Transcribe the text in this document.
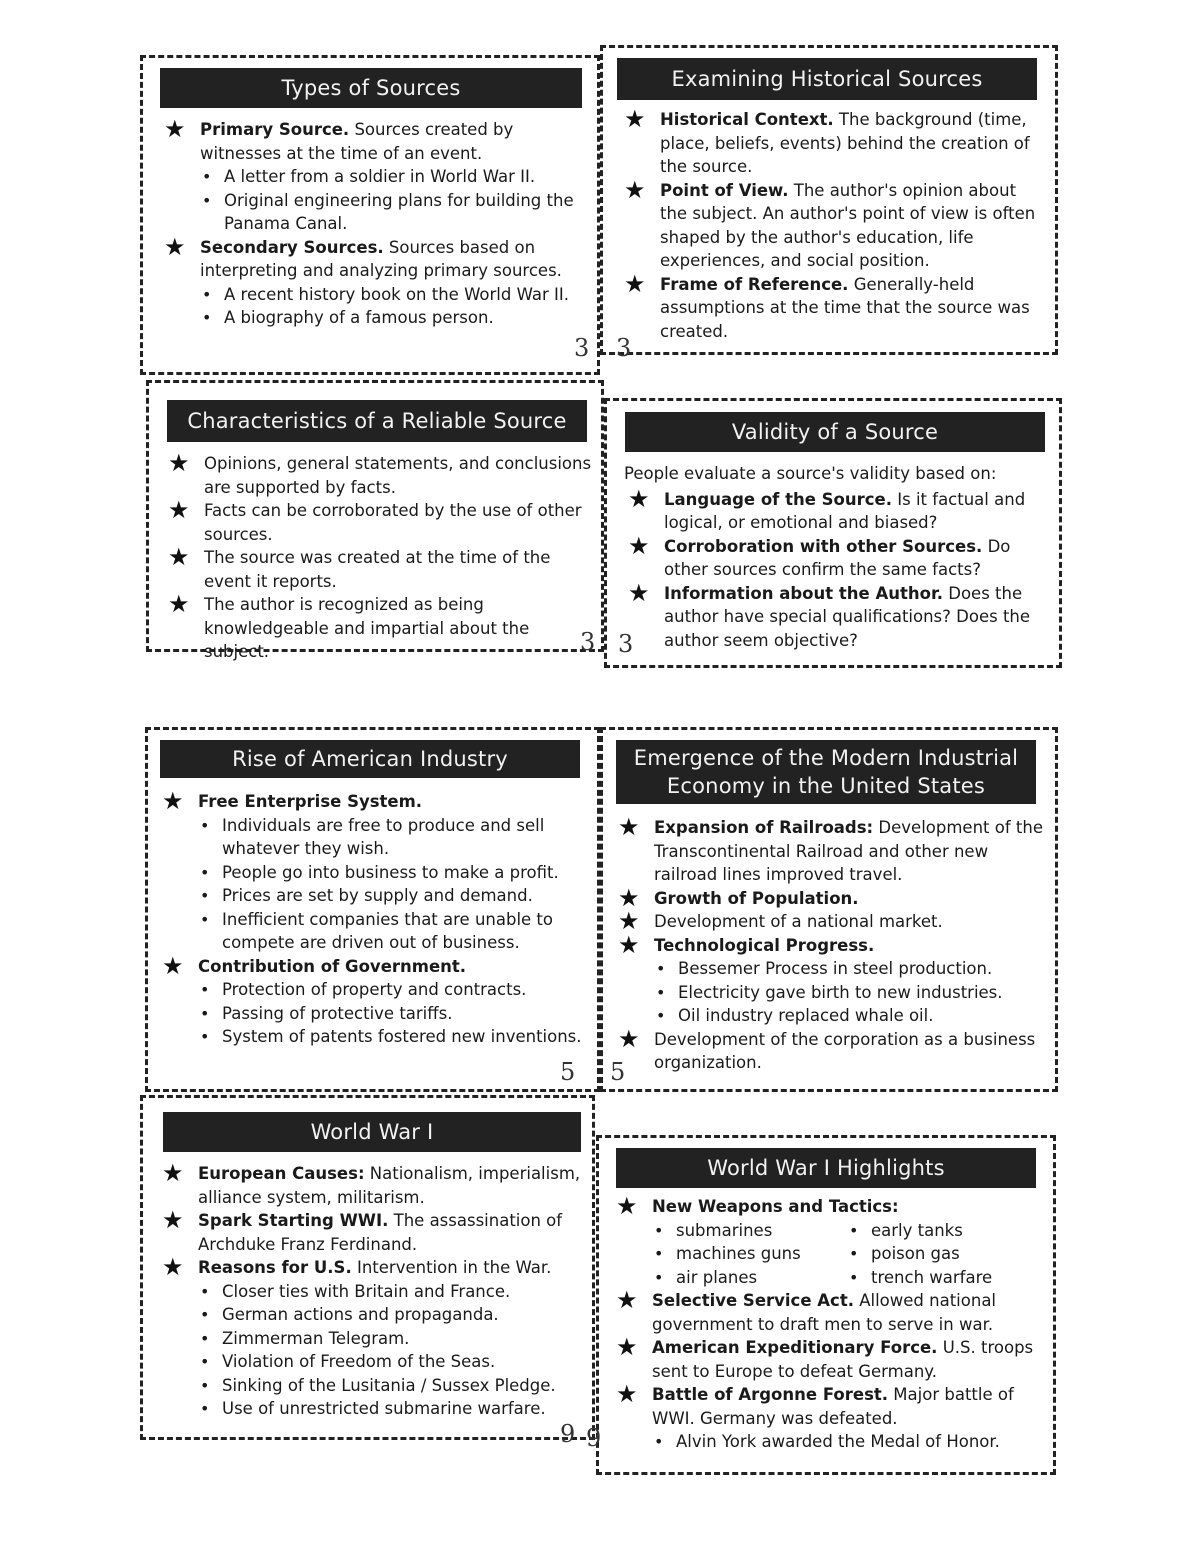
Types of Sources
★ Primary Source. Sources created by witnesses at the time of an event.
• A letter from a soldier in World War II.
• Original engineering plans for building the Panama Canal.
★ Secondary Sources. Sources based on interpreting and analyzing primary sources.
• A recent history book on the World War II.
• A biography of a famous person.
3
Examining Historical Sources
★ Historical Context. The background (time, place, beliefs, events) behind the creation of the source.
★ Point of View. The author's opinion about the subject. An author's point of view is often shaped by the author's education, life experiences, and social position.
★ Frame of Reference. Generally-held assumptions at the time that the source was created.
3
Characteristics of a Reliable Source
★ Opinions, general statements, and conclusions are supported by facts.
★ Facts can be corroborated by the use of other sources.
★ The source was created at the time of the event it reports.
★ The author is recognized as being knowledgeable and impartial about the subject.	3
Validity of a Source
People evaluate a source's validity based on:
★ Language of the Source. Is it factual and logical, or emotional and biased?
★ Corroboration with other Sources. Do other sources confirm the same facts?
★ Information about the Author. Does the author have special qualifications? Does the author seem objective?
3
Rise of American Industry
★ Free Enterprise System.
• Individuals are free to produce and sell whatever they wish.
• People go into business to make a profit.
• Prices are set by supply and demand.
• Inefficient companies that are unable to compete are driven out of business.
★ Contribution of Government.
• Protection of property and contracts.
• Passing of protective tariffs.
• System of patents fostered new inventions.
5
Emergence of the Modern Industrial Economy in the United States
★ Expansion of Railroads: Development of the Transcontinental Railroad and other new railroad lines improved travel.
★ Growth of Population.
★ Development of a national market.
★ Technological Progress.
• Bessemer Process in steel production.
• Electricity gave birth to new industries.
• Oil industry replaced whale oil.
★ Development of the corporation as a business organization.
5
World War I
★ European Causes: Nationalism, imperialism, alliance system, militarism.
★ Spark Starting WWI. The assassination of Archduke Franz Ferdinand.
★ Reasons for U.S. Intervention in the War.
• Closer ties with Britain and France.
• German actions and propaganda.
• Zimmerman Telegram.
• Violation of Freedom of the Seas.
• Sinking of the Lusitania / Sussex Pledge.
• Use of unrestricted submarine warfare.
9
World War I Highlights
★ New Weapons and Tactics:
• submarines
• machines guns
• air planes
• early tanks
• poison gas
• trench warfare
★ Selective Service Act. Allowed national government to draft men to serve in war.
★ American Expeditionary Force. U.S. troops sent to Europe to defeat Germany.
★ Battle of Argonne Forest. Major battle of WWI. Germany was defeated.
• Alvin York awarded the Medal of Honor.
9
